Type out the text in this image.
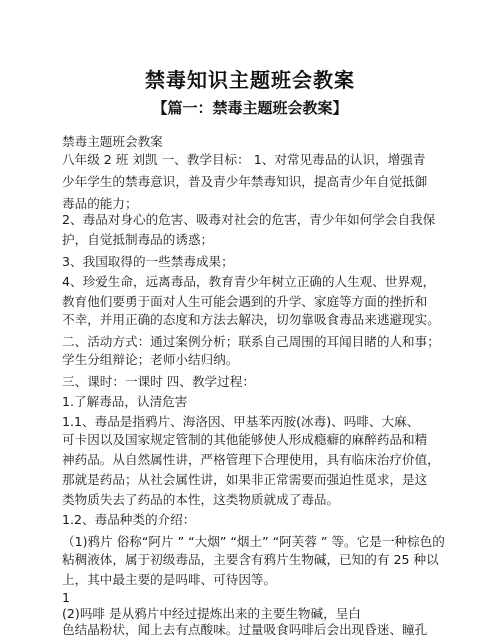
禁毒知识主题班会教案
【篇一：禁毒主题班会教案】
禁毒主题班会教案
八年级 2 班 刘凯 一、教学目标： 1、对常见毒品的认识，增强青
少年学生的禁毒意识，普及青少年禁毒知识，提高青少年自觉抵御
毒品的能力；
2、毒品对身心的危害、吸毒对社会的危害，青少年如何学会自我保
护，自觉抵制毒品的诱惑；
3、我国取得的一些禁毒成果；
4、珍爱生命，远离毒品，教育青少年树立正确的人生观、世界观，
教育他们要勇于面对人生可能会遇到的升学、家庭等方面的挫折和
不幸，并用正确的态度和方法去解决，切勿靠吸食毒品来逃避现实。
二、活动方式：通过案例分析；联系自己周围的耳闻目睹的人和事；
学生分组辩论；老师小结归纳。
三、课时：一课时 四、教学过程：
1.了解毒品，认清危害
1.1、毒品是指鸦片、海洛因、甲基苯丙胺(冰毒)、吗啡、大麻、
可卡因以及国家规定管制的其他能够使人形成瘾癖的麻醉药品和精
神药品。从自然属性讲，严格管理下合理使用，具有临床治疗价值，
那就是药品；从社会属性讲，如果非正常需要而强迫性觅求，是这
类物质失去了药品的本性，这类物质就成了毒品。
1.2、毒品种类的介绍：
（1)鸦片 俗称“阿片 ” “大烟” “烟土” “阿芙蓉 ” 等。它是一种棕色的
粘稠液体，属于初级毒品，主要含有鸦片生物碱，已知的有 25 种以
上，其中最主要的是吗啡、可待因等。
1
(2)吗啡 是从鸦片中经过提炼出来的主要生物碱，呈白
色结晶粉状，闻上去有点酸味。过量吸食吗啡后会出现昏迷、瞳孔
